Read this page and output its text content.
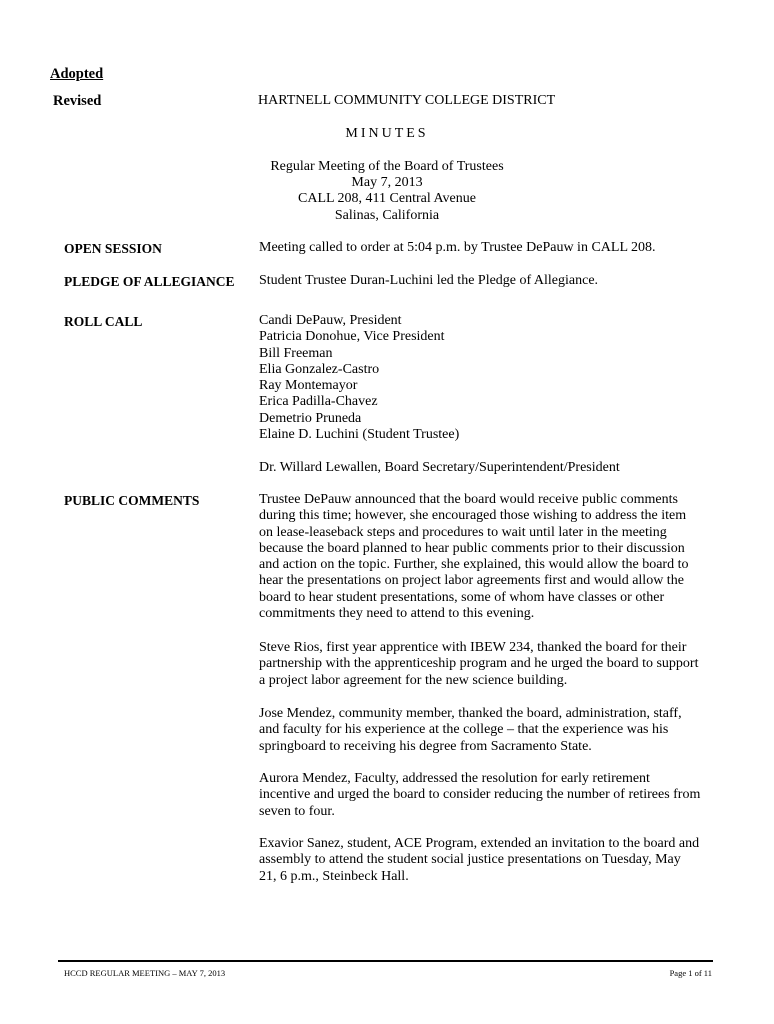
Adopted
Revised	HARTNELL COMMUNITY COLLEGE DISTRICT
MINUTES
Regular Meeting of the Board of Trustees
May 7, 2013
CALL 208, 411 Central Avenue
Salinas, California
OPEN SESSION	Meeting called to order at 5:04 p.m. by Trustee DePauw in CALL 208.
PLEDGE OF ALLEGIANCE Student Trustee Duran-Luchini led the Pledge of Allegiance.
ROLL CALL	Candi DePauw, President
Patricia Donohue, Vice President
Bill Freeman
Elia Gonzalez-Castro
Ray Montemayor
Erica Padilla-Chavez
Demetrio Pruneda
Elaine D. Luchini (Student Trustee)
Dr. Willard Lewallen, Board Secretary/Superintendent/President
PUBLIC COMMENTS	Trustee DePauw announced that the board would receive public comments
during this time; however, she encouraged those wishing to address the item
on lease-leaseback steps and procedures to wait until later in the meeting
because the board planned to hear public comments prior to their discussion
and action on the topic. Further, she explained, this would allow the board to
hear the presentations on project labor agreements first and would allow the
board to hear student presentations, some of whom have classes or other
commitments they need to attend to this evening.
Steve Rios, first year apprentice with IBEW 234, thanked the board for their
partnership with the apprenticeship program and he urged the board to support
a project labor agreement for the new science building.
Jose Mendez, community member, thanked the board, administration, staff,
and faculty for his experience at the college – that the experience was his
springboard to receiving his degree from Sacramento State.
Aurora Mendez, Faculty, addressed the resolution for early retirement
incentive and urged the board to consider reducing the number of retirees from
seven to four.
Exavior Sanez, student, ACE Program, extended an invitation to the board and
assembly to attend the student social justice presentations on Tuesday, May
21, 6 p.m., Steinbeck Hall.
HCCD REGULAR MEETING – MAY 7, 2013	Page 1 of 11
